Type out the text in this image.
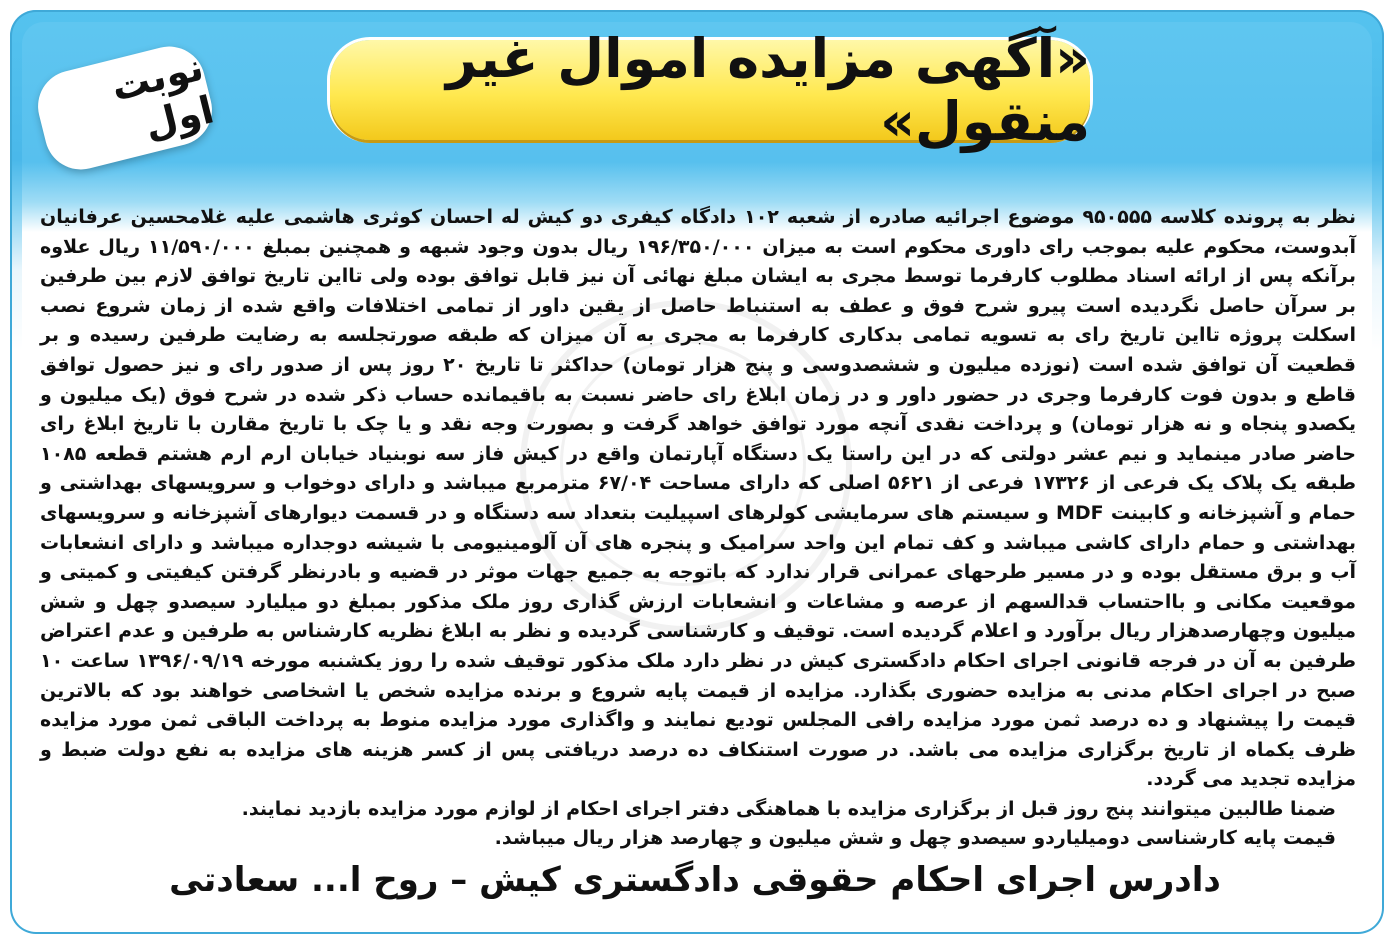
«آگهی مزایده اموال غیر منقول»
نوبت اول

نظر به پرونده کلاسه ۹۵۰۵۵۵ موضوع اجرائیه صادره از شعبه ۱۰۲ دادگاه کیفری دو کیش له احسان کوثری هاشمی علیه غلامحسین عرفانیان آبدوست، محکوم علیه بموجب رای داوری محکوم است به میزان ۱۹۶/۳۵۰/۰۰۰ ریال بدون وجود شبهه و همچنین بمبلغ ۱۱/۵۹۰/۰۰۰ ریال علاوه برآنکه پس از ارائه اسناد مطلوب کارفرما توسط مجری به ایشان مبلغ نهائی آن نیز قابل توافق بوده ولی تااین تاریخ توافق لازم بین طرفین بر سرآن حاصل نگردیده است پیرو شرح فوق و عطف به استنباط حاصل از یقین داور از تمامی اختلافات واقع شده از زمان شروع نصب اسکلت پروژه تااین تاریخ رای به تسویه تمامی بدکاری کارفرما به مجری به آن میزان که طبقه صورتجلسه به رضایت طرفین رسیده و بر قطعیت آن توافق شده است (نوزده میلیون و ششصدوسی و پنج هزار تومان) حداکثر تا تاریخ ۲۰ روز پس از صدور رای و نیز حصول توافق قاطع و بدون فوت کارفرما وجری در حضور داور و در زمان ابلاغ رای حاضر نسبت به باقیمانده حساب ذکر شده در شرح فوق (یک میلیون و یکصدو پنجاه و نه هزار تومان) و پرداخت نقدی آنچه مورد توافق خواهد گرفت و بصورت وجه نقد و یا چک با تاریخ مقارن با تاریخ ابلاغ رای حاضر صادر مینماید و نیم عشر دولتی که در این راستا یک دستگاه آپارتمان واقع در کیش فاز سه نوبنیاد خیابان ارم ارم هشتم قطعه ۱۰۸۵ طبقه یک پلاک یک فرعی از ۱۷۳۲۶ فرعی از ۵۶۲۱ اصلی که دارای مساحت ۶۷/۰۴ مترمربع میباشد و دارای دوخواب و سرویسهای بهداشتی و حمام و آشپزخانه و کابینت MDF و سیستم های سرمایشی کولرهای اسپیلیت بتعداد سه دستگاه و در قسمت دیوارهای آشپزخانه و سرویسهای بهداشتی و حمام دارای کاشی میباشد و کف تمام این واحد سرامیک و پنجره های آن آلومینیومی با شیشه دوجداره میباشد و دارای انشعابات آب و برق مستقل بوده و در مسیر طرحهای عمرانی قرار ندارد که باتوجه به جمیع جهات موثر در قضیه و بادرنظر گرفتن کیفیتی و کمیتی و موقعیت مکانی و بااحتساب قدالسهم از عرصه و مشاعات و انشعابات ارزش گذاری روز ملک مذکور بمبلغ دو میلیارد سیصدو چهل و شش میلیون وچهارصدهزار ریال برآورد و اعلام گردیده است. توقیف و کارشناسی گردیده و نظر به ابلاغ نظریه کارشناس به طرفین و عدم اعتراض طرفین به آن در فرجه قانونی اجرای احکام دادگستری کیش در نظر دارد ملک مذکور توقیف شده را روز یکشنبه مورخه ۱۳۹۶/۰۹/۱۹ ساعت ۱۰ صبح در اجرای احکام مدنی به مزایده حضوری بگذارد. مزایده از قیمت پایه شروع و برنده مزایده شخص یا اشخاصی خواهند بود که بالاترین قیمت را پیشنهاد و ده درصد ثمن مورد مزایده رافی المجلس تودیع نمایند و واگذاری مورد مزایده منوط به پرداخت الباقی ثمن مورد مزایده ظرف یکماه از تاریخ برگزاری مزایده می باشد. در صورت استنکاف ده درصد دریافتی پس از کسر هزینه های مزایده به نفع دولت ضبط و مزایده تجدید می گردد.

ضمنا طالبین میتوانند پنج روز قبل از برگزاری مزایده با هماهنگی دفتر اجرای احکام از لوازم مورد مزایده بازدید نمایند.

قیمت پایه کارشناسی دومیلیاردو سیصدو چهل و شش میلیون و چهارصد هزار ریال میباشد.

دادرس اجرای احکام حقوقی دادگستری کیش – روح ا... سعادتی
